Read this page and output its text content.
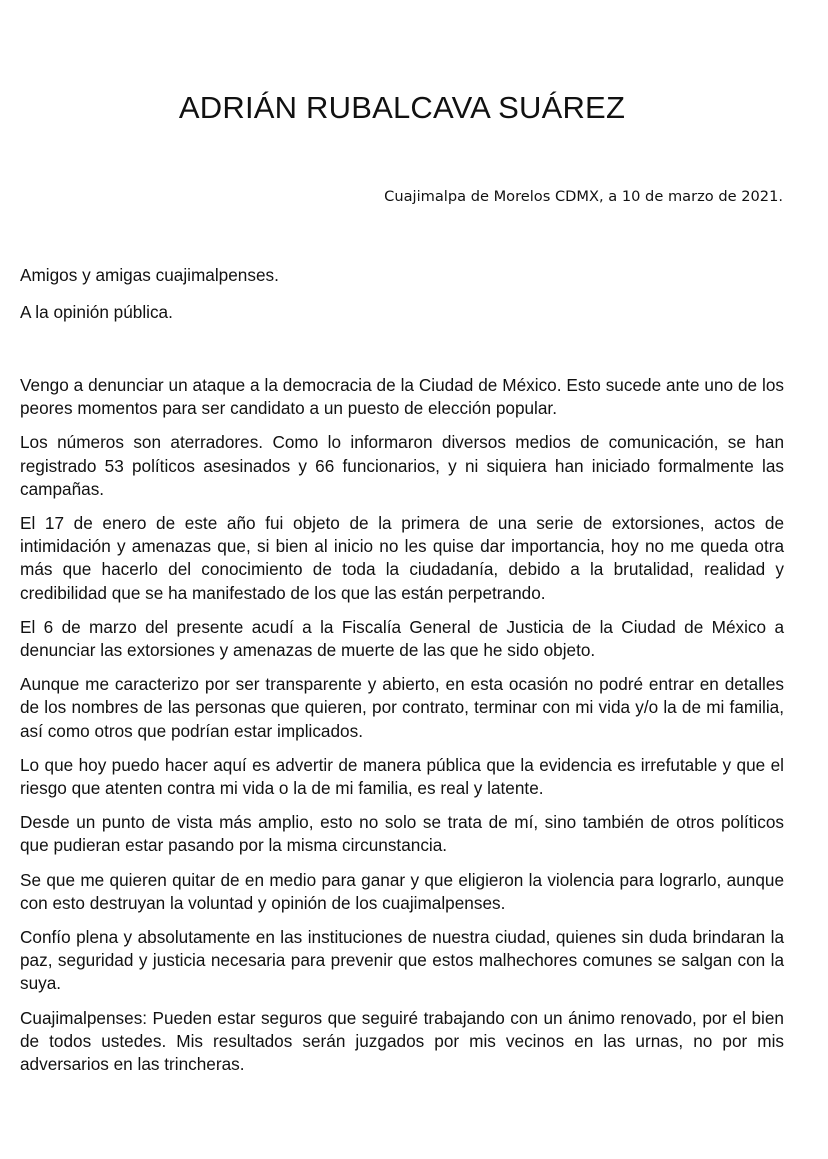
ADRIÁN RUBALCAVA SUÁREZ

Cuajimalpa de Morelos CDMX, a 10 de marzo de 2021.

Amigos y amigas cuajimalpenses.

A la opinión pública.

Vengo a denunciar un ataque a la democracia de la Ciudad de México. Esto sucede ante uno de los peores momentos para ser candidato a un puesto de elección popular.

Los números son aterradores. Como lo informaron diversos medios de comunicación, se han registrado 53 políticos asesinados y 66 funcionarios, y ni siquiera han iniciado formalmente las campañas.

El 17 de enero de este año fui objeto de la primera de una serie de extorsiones, actos de intimidación y amenazas que, si bien al inicio no les quise dar importancia, hoy no me queda otra más que hacerlo del conocimiento de toda la ciudadanía, debido a la brutalidad, realidad y credibilidad que se ha manifestado de los que las están perpetrando.

El 6 de marzo del presente acudí a la Fiscalía General de Justicia de la Ciudad de México a denunciar las extorsiones y amenazas de muerte de las que he sido objeto.

Aunque me caracterizo por ser transparente y abierto, en esta ocasión no podré entrar en detalles de los nombres de las personas que quieren, por contrato, terminar con mi vida y/o la de mi familia, así como otros que podrían estar implicados.

Lo que hoy puedo hacer aquí es advertir de manera pública que la evidencia es irrefutable y que el riesgo que atenten contra mi vida o la de mi familia, es real y latente.

Desde un punto de vista más amplio, esto no solo se trata de mí, sino también de otros políticos que pudieran estar pasando por la misma circunstancia.

Se que me quieren quitar de en medio para ganar y que eligieron la violencia para lograrlo, aunque con esto destruyan la voluntad y opinión de los cuajimalpenses.

Confío plena y absolutamente en las instituciones de nuestra ciudad, quienes sin duda brindaran la paz, seguridad y justicia necesaria para prevenir que estos malhechores comunes se salgan con la suya.

Cuajimalpenses: Pueden estar seguros que seguiré trabajando con un ánimo renovado, por el bien de todos ustedes. Mis resultados serán juzgados por mis vecinos en las urnas, no por mis adversarios en las trincheras.
